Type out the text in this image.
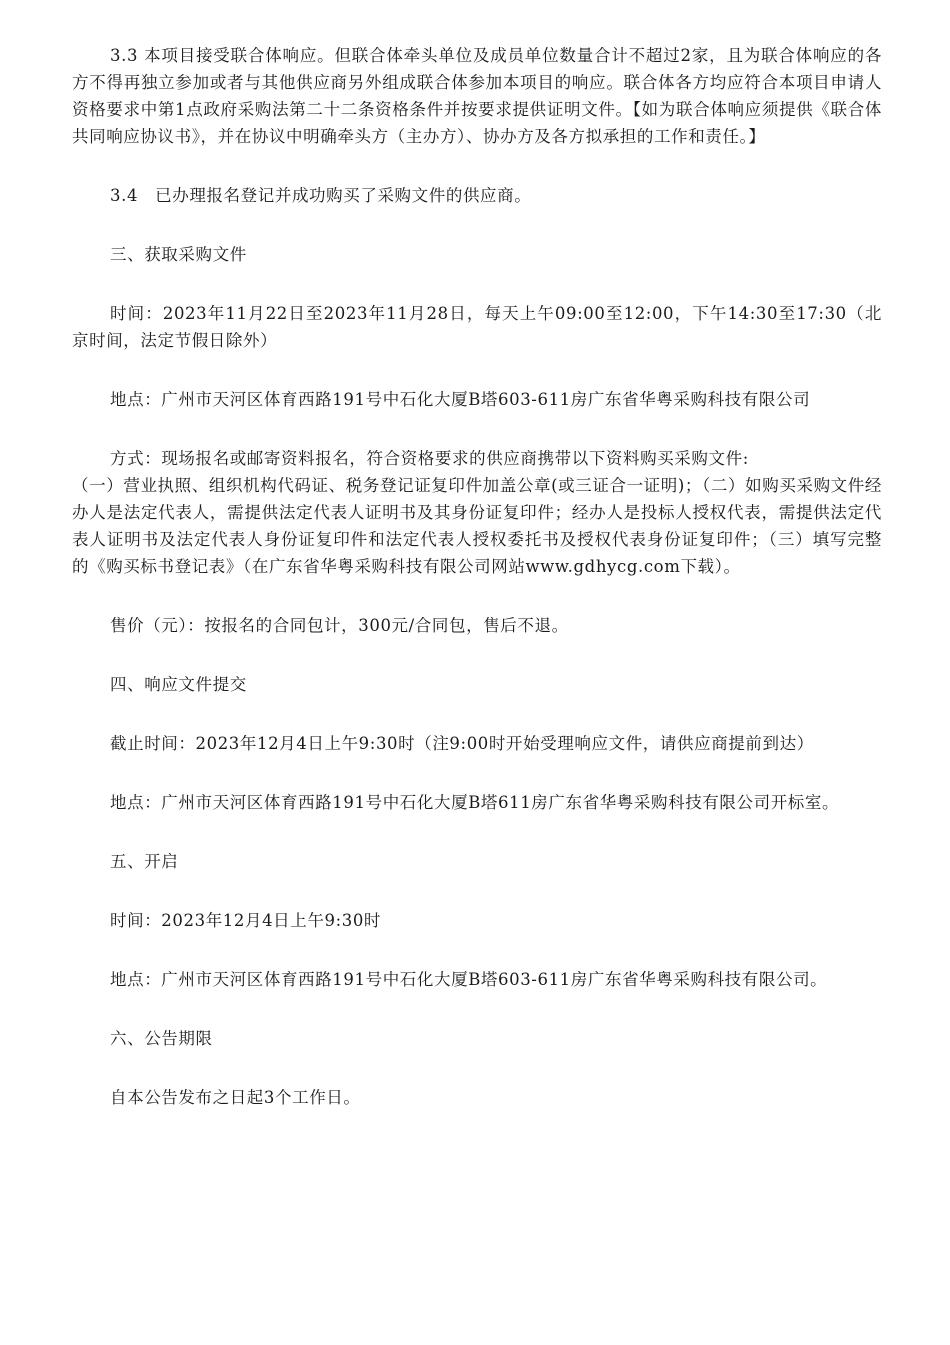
3.3 本项目接受联合体响应。但联合体牵头单位及成员单位数量合计不超过2家，且为联合体响应的各方不得再独立参加或者与其他供应商另外组成联合体参加本项目的响应。联合体各方均应符合本项目申请人资格要求中第1点政府采购法第二十二条资格条件并按要求提供证明文件。【如为联合体响应须提供《联合体共同响应协议书》，并在协议中明确牵头方（主办方）、协办方及各方拟承担的工作和责任。】

3.4　已办理报名登记并成功购买了采购文件的供应商。

三、获取采购文件

时间：2023年11月22日至2023年11月28日，每天上午09:00至12:00，下午14:30至17:30（北京时间，法定节假日除外）

地点：广州市天河区体育西路191号中石化大厦B塔603-611房广东省华粤采购科技有限公司

方式：现场报名或邮寄资料报名，符合资格要求的供应商携带以下资料购买采购文件:
（一）营业执照、组织机构代码证、税务登记证复印件加盖公章(或三证合一证明)；（二）如购买采购文件经办人是法定代表人，需提供法定代表人证明书及其身份证复印件；经办人是投标人授权代表，需提供法定代表人证明书及法定代表人身份证复印件和法定代表人授权委托书及授权代表身份证复印件；（三）填写完整的《购买标书登记表》（在广东省华粤采购科技有限公司网站www.gdhycg.com下载）。

售价（元）：按报名的合同包计，300元/合同包，售后不退。

四、响应文件提交

截止时间：2023年12月4日上午9:30时（注9:00时开始受理响应文件，请供应商提前到达）

地点：广州市天河区体育西路191号中石化大厦B塔611房广东省华粤采购科技有限公司开标室。

五、开启

时间：2023年12月4日上午9:30时

地点：广州市天河区体育西路191号中石化大厦B塔603-611房广东省华粤采购科技有限公司。

六、公告期限

自本公告发布之日起3个工作日。
